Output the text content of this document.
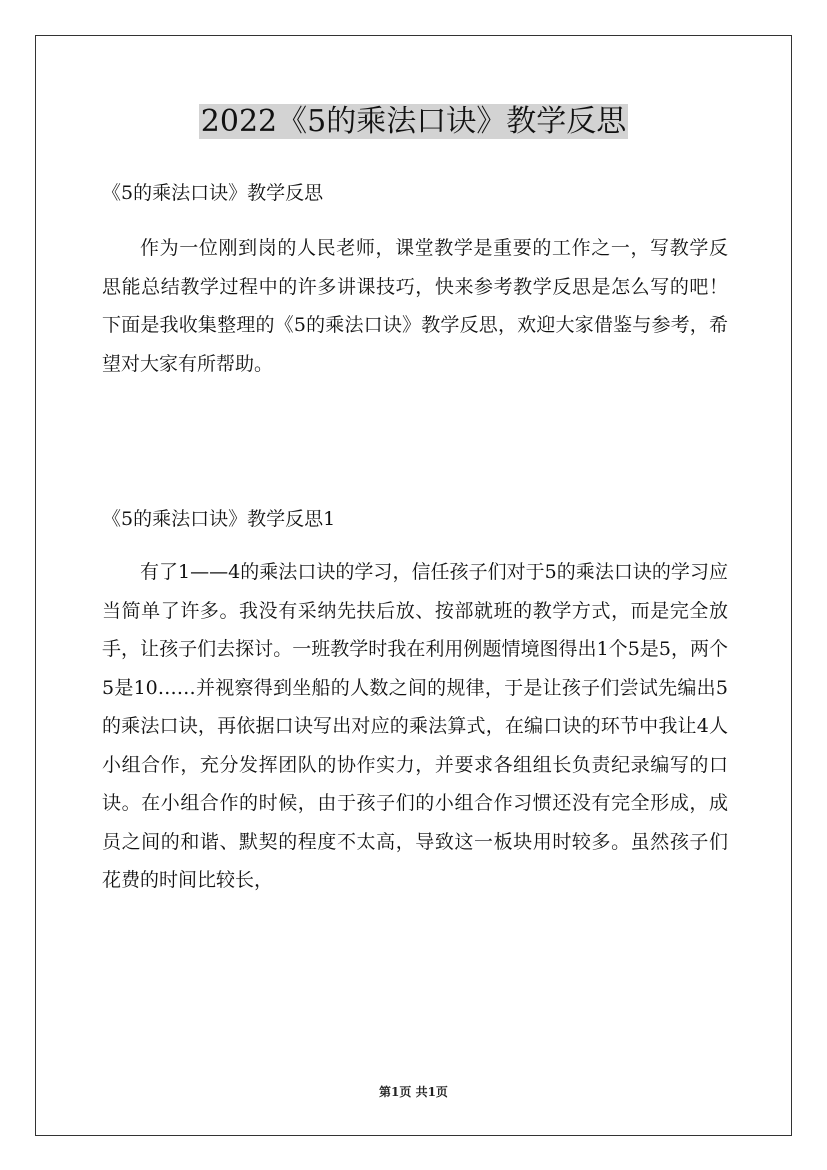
2022《5的乘法口诀》教学反思

《5的乘法口诀》教学反思

作为一位刚到岗的人民老师，课堂教学是重要的工作之一，写教学反思能总结教学过程中的许多讲课技巧，快来参考教学反思是怎么写的吧！下面是我收集整理的《5的乘法口诀》教学反思，欢迎大家借鉴与参考，希望对大家有所帮助。

《5的乘法口诀》教学反思1

有了1——4的乘法口诀的学习，信任孩子们对于5的乘法口诀的学习应当简单了许多。我没有采纳先扶后放、按部就班的教学方式，而是完全放手，让孩子们去探讨。一班教学时我在利用例题情境图得出1个5是5，两个5是10……并视察得到坐船的人数之间的规律，于是让孩子们尝试先编出5的乘法口诀，再依据口诀写出对应的乘法算式，在编口诀的环节中我让4人小组合作，充分发挥团队的协作实力，并要求各组组长负责纪录编写的口诀。在小组合作的时候，由于孩子们的小组合作习惯还没有完全形成，成员之间的和谐、默契的程度不太高，导致这一板块用时较多。虽然孩子们花费的时间比较长，

第1页 共1页
